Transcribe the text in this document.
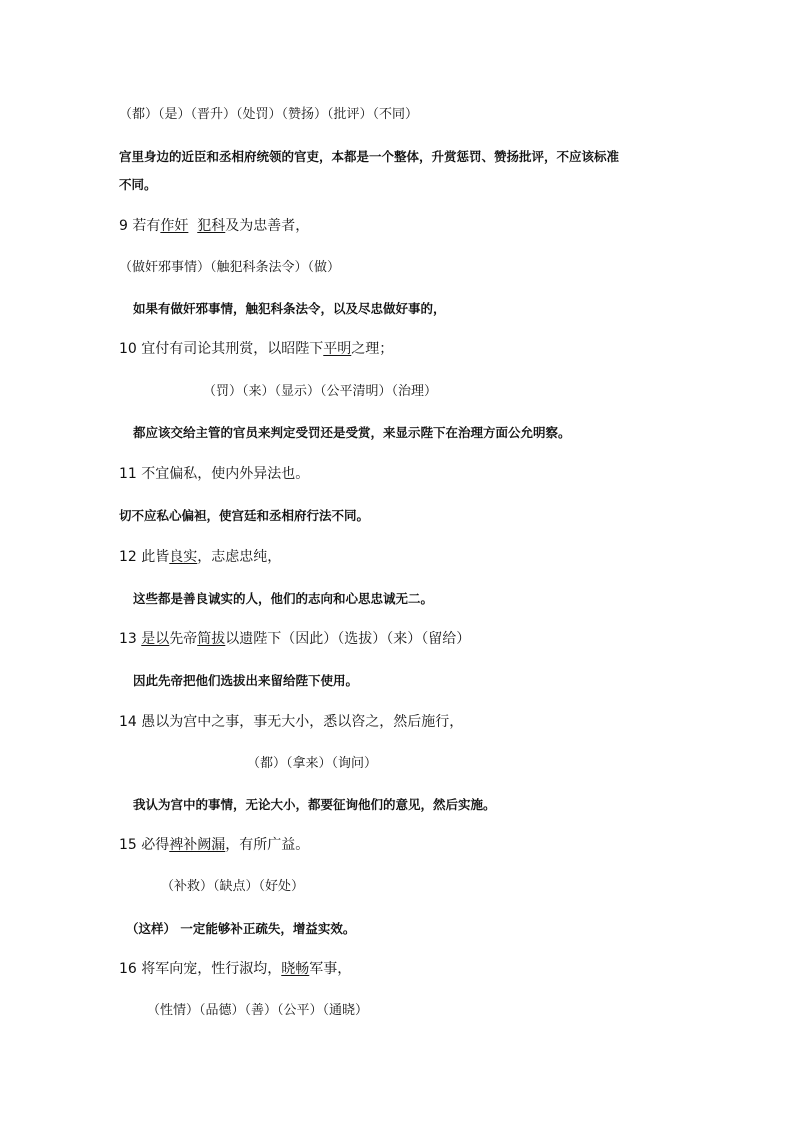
（都）（是）（晋升）（处罚）（赞扬）（批评）（不同）
宫里身边的近臣和丞相府统领的官吏，本都是一个整体，升赏惩罚、赞扬批评，不应该标准
不同。
9 若有作奸 犯科及为忠善者，
（做奸邪事情）（触犯科条法令）（做）
如果有做奸邪事情，触犯科条法令，以及尽忠做好事的，
10 宜付有司论其刑赏，以昭陛下平明之理；
（罚）（来）（显示）（公平清明）（治理）
都应该交给主管的官员来判定受罚还是受赏，来显示陛下在治理方面公允明察。
11 不宜偏私，使内外异法也。
切不应私心偏袒，使宫廷和丞相府行法不同。
12 此皆良实，志虑忠纯，
这些都是善良诚实的人，他们的志向和心思忠诚无二。
13 是以先帝简拔以遗陛下（因此）（选拔）（来）（留给）
因此先帝把他们选拔出来留给陛下使用。
14 愚以为宫中之事，事无大小，悉以咨之，然后施行，
（都）（拿来）（询问）
我认为宫中的事情，无论大小，都要征询他们的意见，然后实施。
15 必得裨补阙漏，有所广益。
（补救）（缺点）（好处）
（这样） 一定能够补正疏失，增益实效。
16 将军向宠，性行淑均，晓畅军事，
（性情）（品德）（善）（公平）（通晓）
